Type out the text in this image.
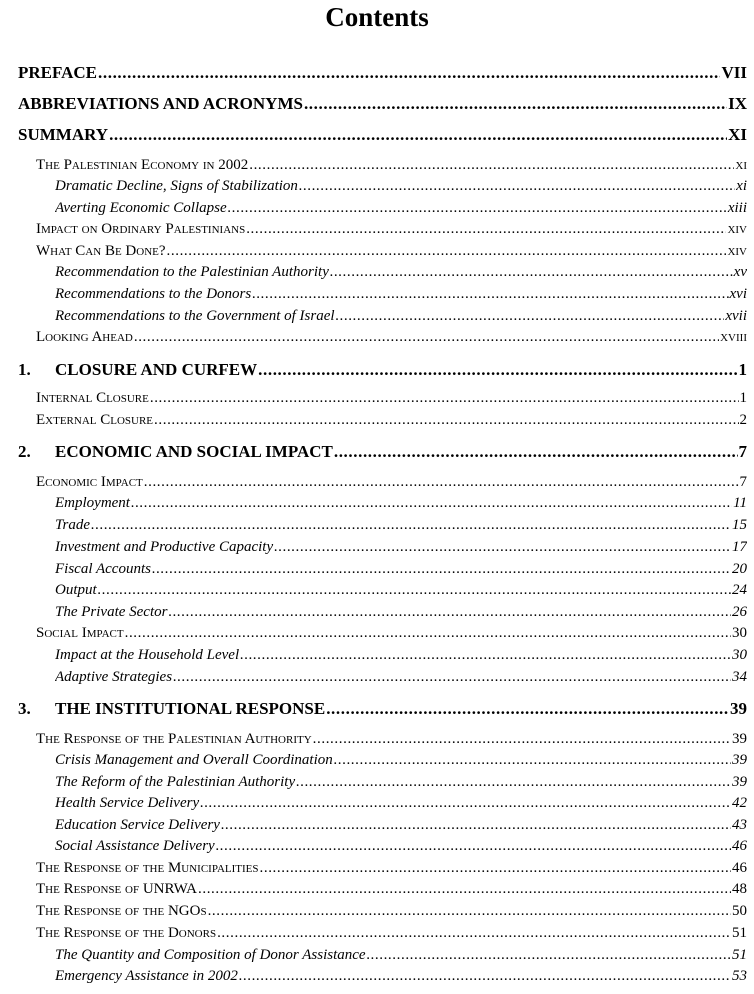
Contents
PREFACE .....	VII
ABBREVIATIONS AND ACRONYMS .....	IX
SUMMARY .....	XI
The Palestinian Economy in 2002 .....	xi
Dramatic Decline, Signs of Stabilization .....	xi
Averting Economic Collapse .....	xiii
Impact on Ordinary Palestinians .....	xiv
What Can Be Done? .....	xiv
Recommendation to the Palestinian Authority .....	xv
Recommendations to the Donors .....	xvi
Recommendations to the Government of Israel .....	xvii
Looking Ahead .....	xviii
1. CLOSURE AND CURFEW .....	1
Internal Closure .....	1
External Closure .....	2
2. ECONOMIC AND SOCIAL IMPACT .....	7
Economic Impact .....	7
Employment .....	11
Trade .....	15
Investment and Productive Capacity .....	17
Fiscal Accounts .....	20
Output .....	24
The Private Sector .....	26
Social Impact .....	30
Impact at the Household Level .....	30
Adaptive Strategies .....	34
3. THE INSTITUTIONAL RESPONSE .....	39
The Response of the Palestinian Authority .....	39
Crisis Management and Overall Coordination .....	39
The Reform of the Palestinian Authority .....	39
Health Service Delivery .....	42
Education Service Delivery .....	43
Social Assistance Delivery .....	46
The Response of the Municipalities .....	46
The Response of UNRWA .....	48
The Response of the NGOs .....	50
The Response of the Donors .....	51
The Quantity and Composition of Donor Assistance .....	51
Emergency Assistance in 2002 .....	53
